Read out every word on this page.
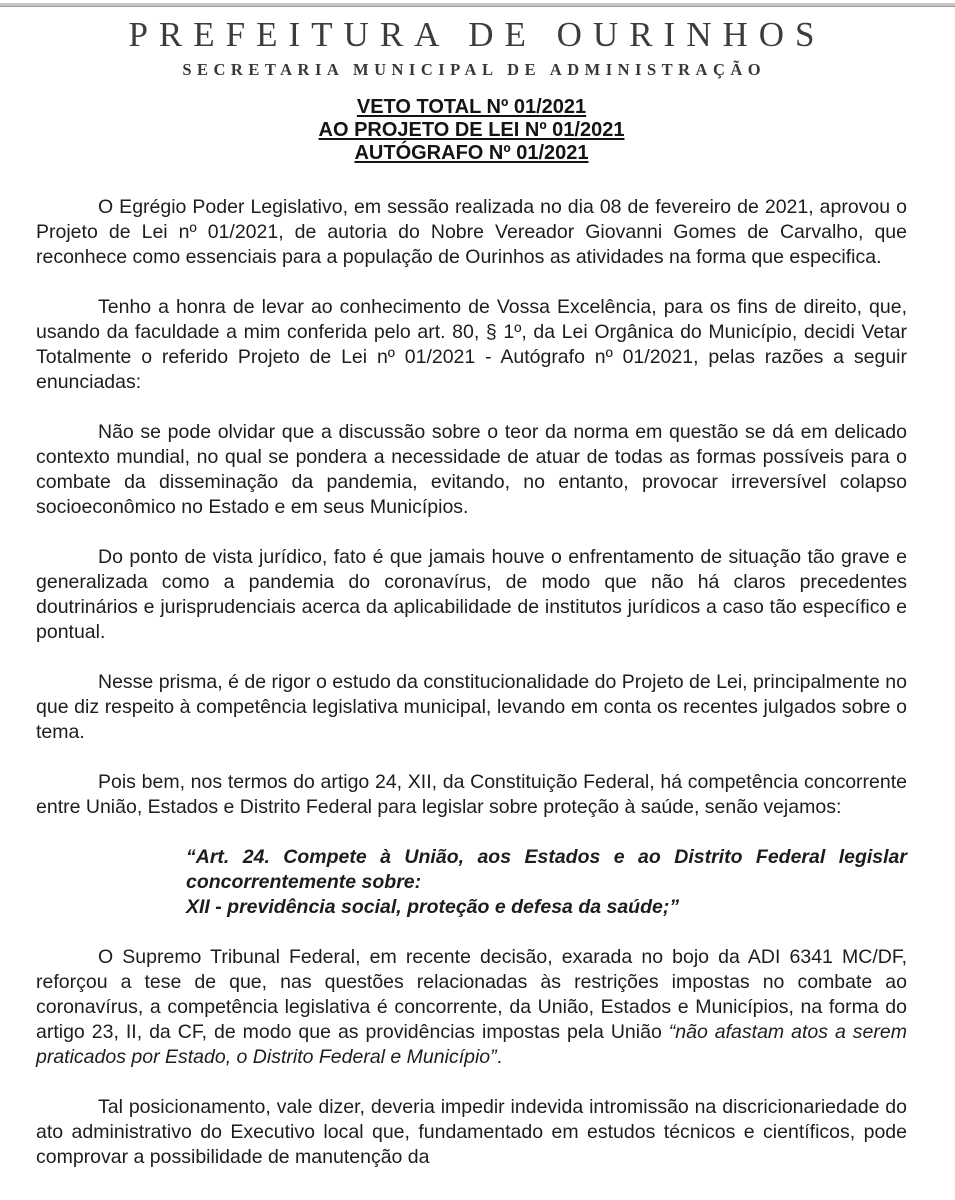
PREFEITURA DE OURINHOS
SECRETARIA MUNICIPAL DE ADMINISTRAÇÃO
VETO TOTAL Nº 01/2021
AO PROJETO DE LEI Nº 01/2021
AUTÓGRAFO Nº 01/2021

O Egrégio Poder Legislativo, em sessão realizada no dia 08 de fevereiro de 2021, aprovou o Projeto de Lei nº 01/2021, de autoria do Nobre Vereador Giovanni Gomes de Carvalho, que reconhece como essenciais para a população de Ourinhos as atividades na forma que especifica.

Tenho a honra de levar ao conhecimento de Vossa Excelência, para os fins de direito, que, usando da faculdade a mim conferida pelo art. 80, § 1º, da Lei Orgânica do Município, decidi Vetar Totalmente o referido Projeto de Lei nº 01/2021 - Autógrafo nº 01/2021, pelas razões a seguir enunciadas:

Não se pode olvidar que a discussão sobre o teor da norma em questão se dá em delicado contexto mundial, no qual se pondera a necessidade de atuar de todas as formas possíveis para o combate da disseminação da pandemia, evitando, no entanto, provocar irreversível colapso socioeconômico no Estado e em seus Municípios.

Do ponto de vista jurídico, fato é que jamais houve o enfrentamento de situação tão grave e generalizada como a pandemia do coronavírus, de modo que não há claros precedentes doutrinários e jurisprudenciais acerca da aplicabilidade de institutos jurídicos a caso tão específico e pontual.

Nesse prisma, é de rigor o estudo da constitucionalidade do Projeto de Lei, principalmente no que diz respeito à competência legislativa municipal, levando em conta os recentes julgados sobre o tema.

Pois bem, nos termos do artigo 24, XII, da Constituição Federal, há competência concorrente entre União, Estados e Distrito Federal para legislar sobre proteção à saúde, senão vejamos:

“Art. 24. Compete à União, aos Estados e ao Distrito Federal legislar concorrentemente sobre:
XII - previdência social, proteção e defesa da saúde;”

O Supremo Tribunal Federal, em recente decisão, exarada no bojo da ADI 6341 MC/DF, reforçou a tese de que, nas questões relacionadas às restrições impostas no combate ao coronavírus, a competência legislativa é concorrente, da União, Estados e Municípios, na forma do artigo 23, II, da CF, de modo que as providências impostas pela União “não afastam atos a serem praticados por Estado, o Distrito Federal e Município”.

Tal posicionamento, vale dizer, deveria impedir indevida intromissão na discricionariedade do ato administrativo do Executivo local que, fundamentado em estudos técnicos e científicos, pode comprovar a possibilidade de manutenção da
